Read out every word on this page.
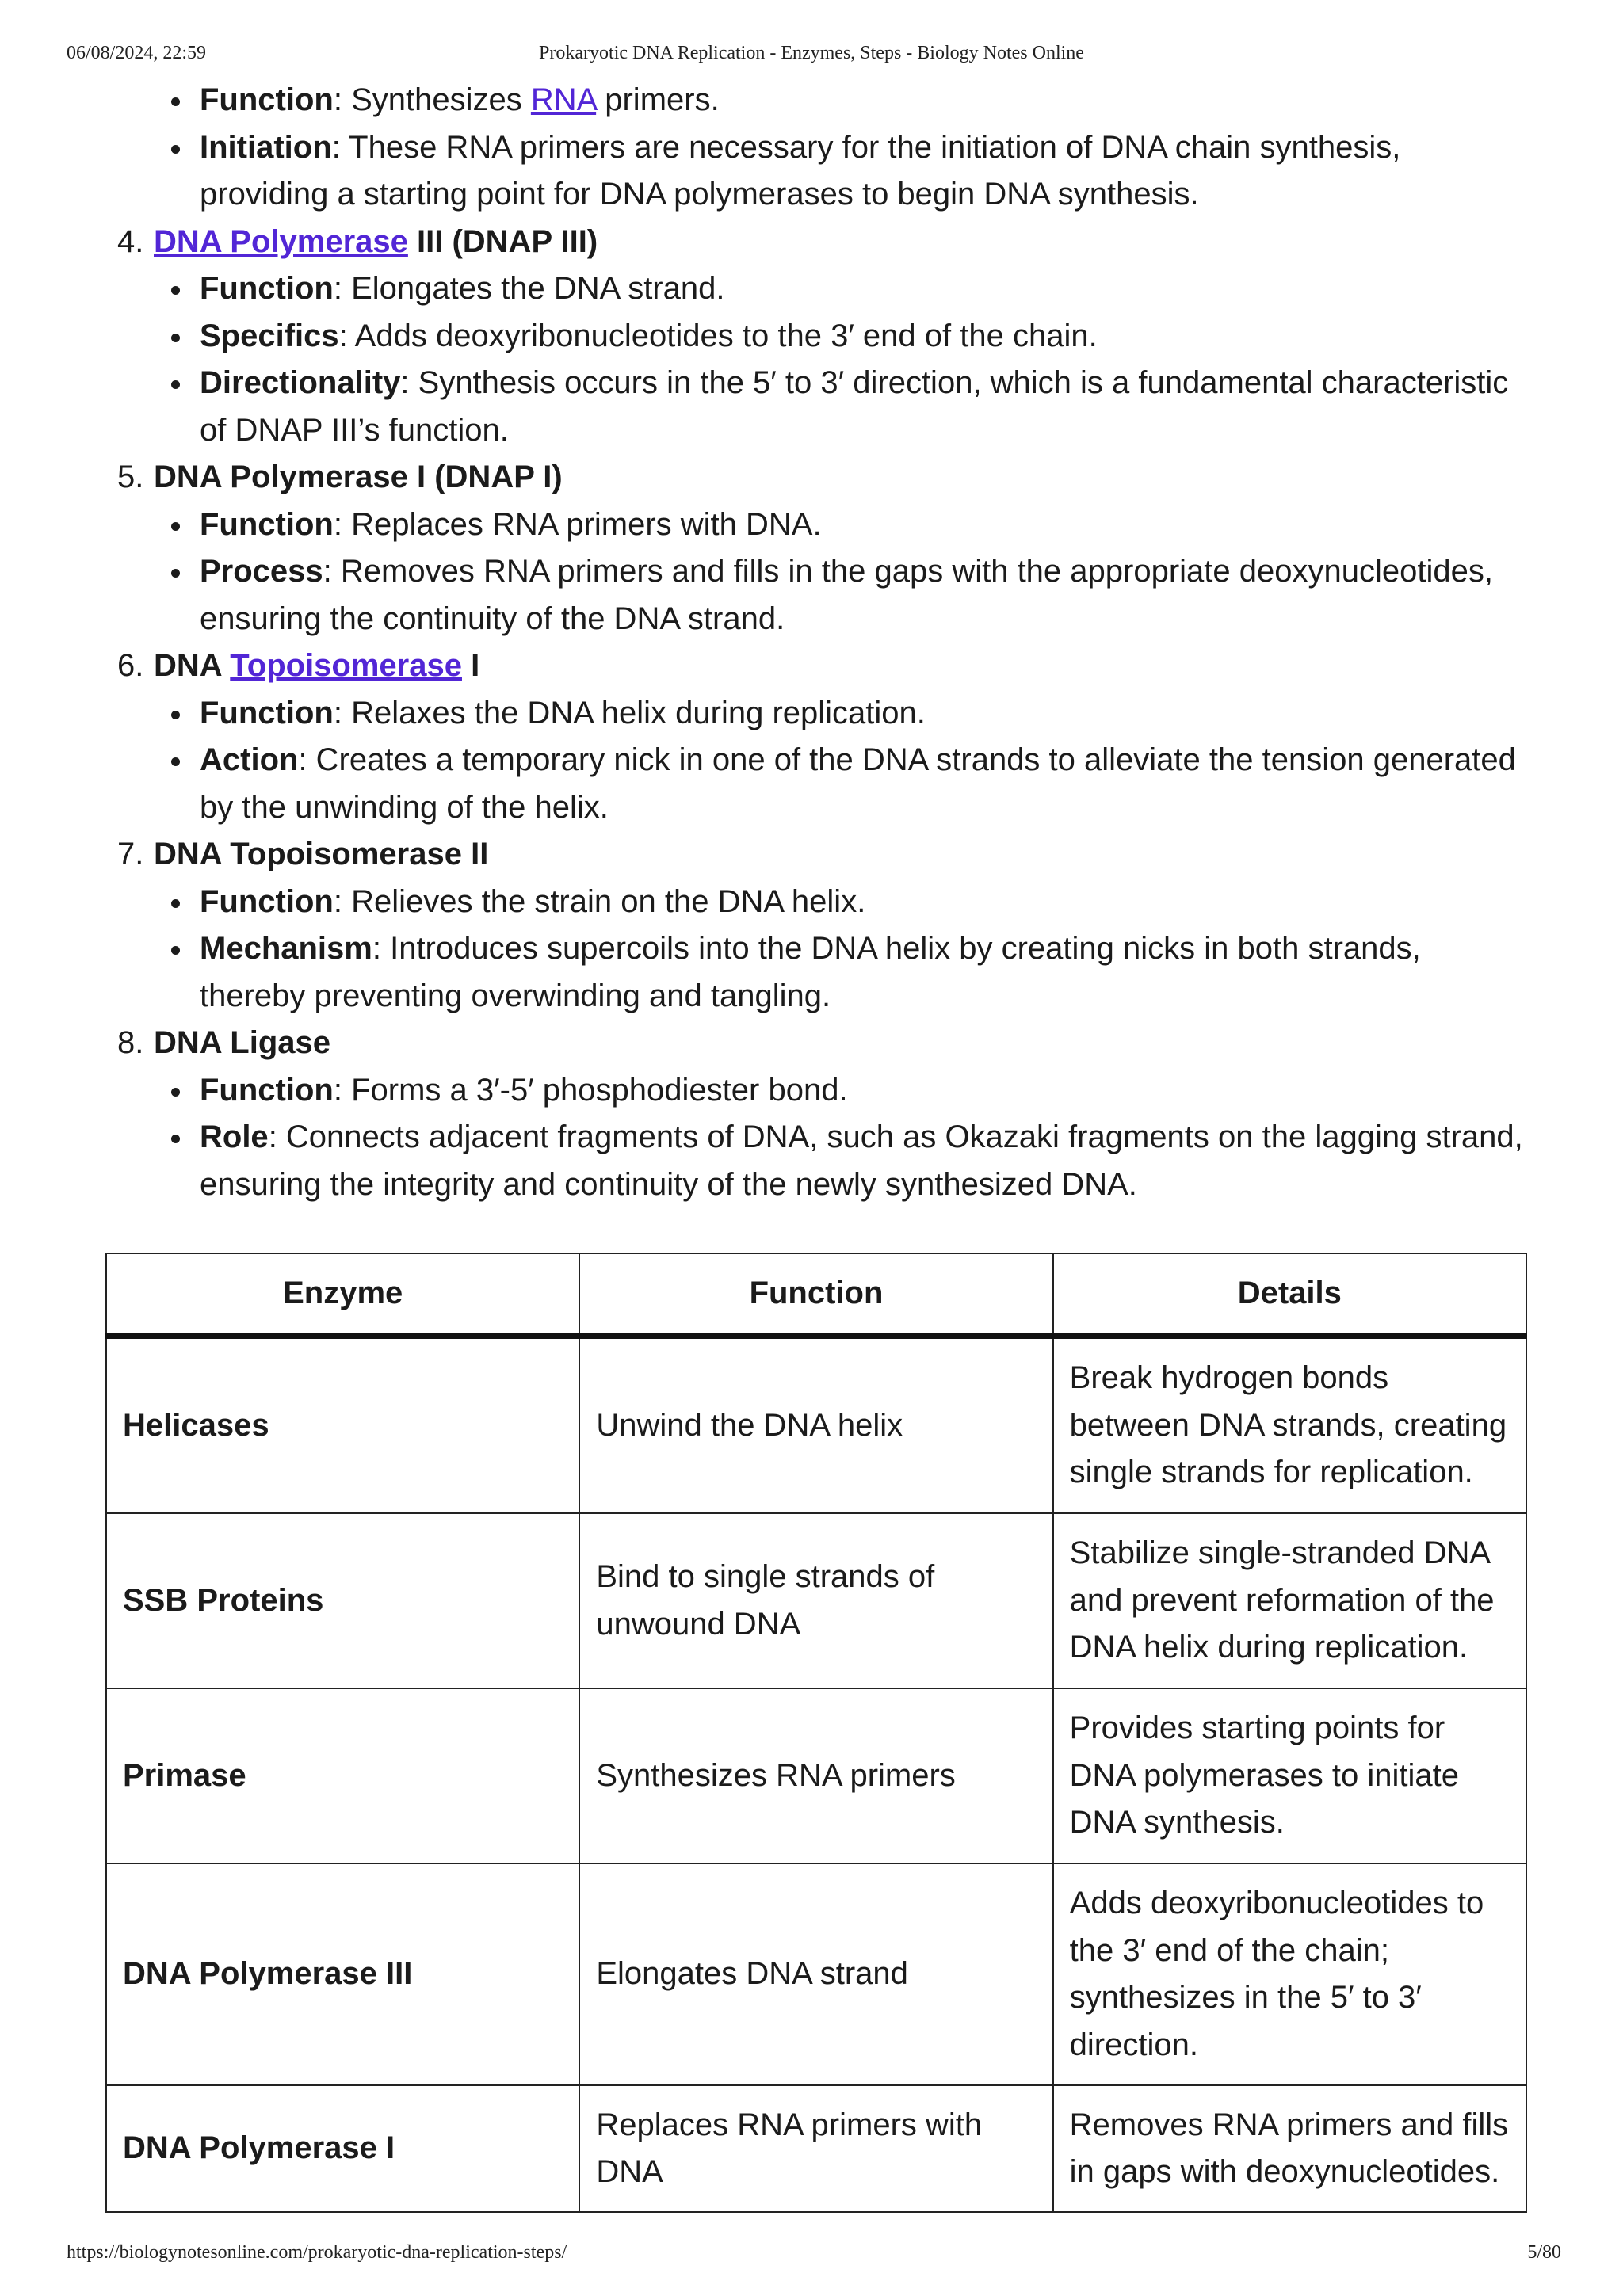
06/08/2024, 22:59	Prokaryotic DNA Replication - Enzymes, Steps - Biology Notes Online
Function: Synthesizes RNA primers.
Initiation: These RNA primers are necessary for the initiation of DNA chain synthesis, providing a starting point for DNA polymerases to begin DNA synthesis.
4. DNA Polymerase III (DNAP III)
Function: Elongates the DNA strand.
Specifics: Adds deoxyribonucleotides to the 3′ end of the chain.
Directionality: Synthesis occurs in the 5′ to 3′ direction, which is a fundamental characteristic of DNAP III’s function.
5. DNA Polymerase I (DNAP I)
Function: Replaces RNA primers with DNA.
Process: Removes RNA primers and fills in the gaps with the appropriate deoxynucleotides, ensuring the continuity of the DNA strand.
6. DNA Topoisomerase I
Function: Relaxes the DNA helix during replication.
Action: Creates a temporary nick in one of the DNA strands to alleviate the tension generated by the unwinding of the helix.
7. DNA Topoisomerase II
Function: Relieves the strain on the DNA helix.
Mechanism: Introduces supercoils into the DNA helix by creating nicks in both strands, thereby preventing overwinding and tangling.
8. DNA Ligase
Function: Forms a 3′-5′ phosphodiester bond.
Role: Connects adjacent fragments of DNA, such as Okazaki fragments on the lagging strand, ensuring the integrity and continuity of the newly synthesized DNA.
Enzyme	Function	Details
Helicases	Unwind the DNA helix	Break hydrogen bonds between DNA strands, creating single strands for replication.
SSB Proteins	Bind to single strands of unwound DNA	Stabilize single-stranded DNA and prevent reformation of the DNA helix during replication.
Primase	Synthesizes RNA primers	Provides starting points for DNA polymerases to initiate DNA synthesis.
DNA Polymerase III	Elongates DNA strand	Adds deoxyribonucleotides to the 3′ end of the chain; synthesizes in the 5′ to 3′ direction.
DNA Polymerase I	Replaces RNA primers with DNA	Removes RNA primers and fills in gaps with deoxynucleotides.
https://biologynotesonline.com/prokaryotic-dna-replication-steps/	5/80
